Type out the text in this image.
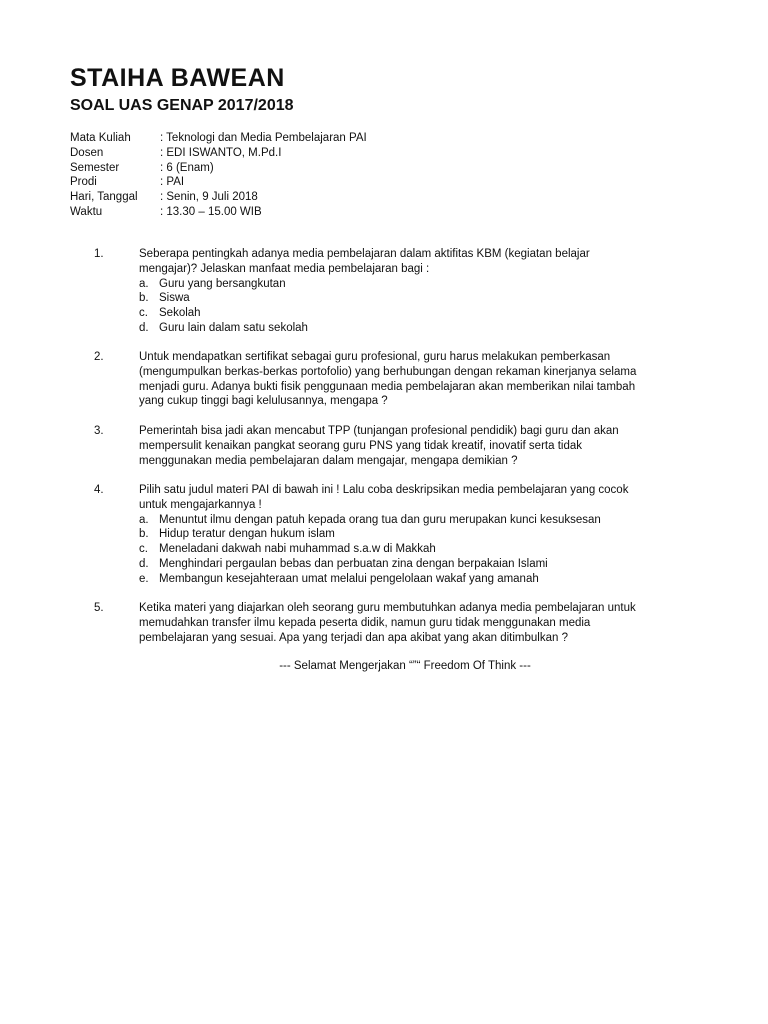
STAIHA BAWEAN
SOAL UAS GENAP 2017/2018
Mata Kuliah	: Teknologi dan Media Pembelajaran PAI
Dosen	: EDI ISWANTO, M.Pd.I
Semester	: 6 (Enam)
Prodi	: PAI
Hari, Tanggal	: Senin, 9 Juli 2018
Waktu	: 13.30 – 15.00 WIB
1.	Seberapa pentingkah adanya media pembelajaran dalam aktifitas KBM (kegiatan belajar
mengajar)? Jelaskan manfaat media pembelajaran bagi :
a. Guru yang bersangkutan
b. Siswa
c. Sekolah
d. Guru lain dalam satu sekolah
2.	Untuk mendapatkan sertifikat sebagai guru profesional, guru harus melakukan pemberkasan
(mengumpulkan berkas-berkas portofolio) yang berhubungan dengan rekaman kinerjanya selama
menjadi guru. Adanya bukti fisik penggunaan media pembelajaran akan memberikan nilai tambah
yang cukup tinggi bagi kelulusannya, mengapa ?
3.	Pemerintah bisa jadi akan mencabut TPP (tunjangan profesional pendidik) bagi guru dan akan
mempersulit kenaikan pangkat seorang guru PNS yang tidak kreatif, inovatif serta tidak
menggunakan media pembelajaran dalam mengajar, mengapa demikian ?
4.	Pilih satu judul materi PAI di bawah ini ! Lalu coba deskripsikan media pembelajaran yang cocok
untuk mengajarkannya !
a. Menuntut ilmu dengan patuh kepada orang tua dan guru merupakan kunci kesuksesan
b. Hidup teratur dengan hukum islam
c. Meneladani dakwah nabi muhammad s.a.w di Makkah
d. Menghindari pergaulan bebas dan perbuatan zina dengan berpakaian Islami
e. Membangun kesejahteraan umat melalui pengelolaan wakaf yang amanah
5.	Ketika materi yang diajarkan oleh seorang guru membutuhkan adanya media pembelajaran untuk
memudahkan transfer ilmu kepada peserta didik, namun guru tidak menggunakan media
pembelajaran yang sesuai. Apa yang terjadi dan apa akibat yang akan ditimbulkan ?
--- Selamat Mengerjakan “”“ Freedom Of Think ---
